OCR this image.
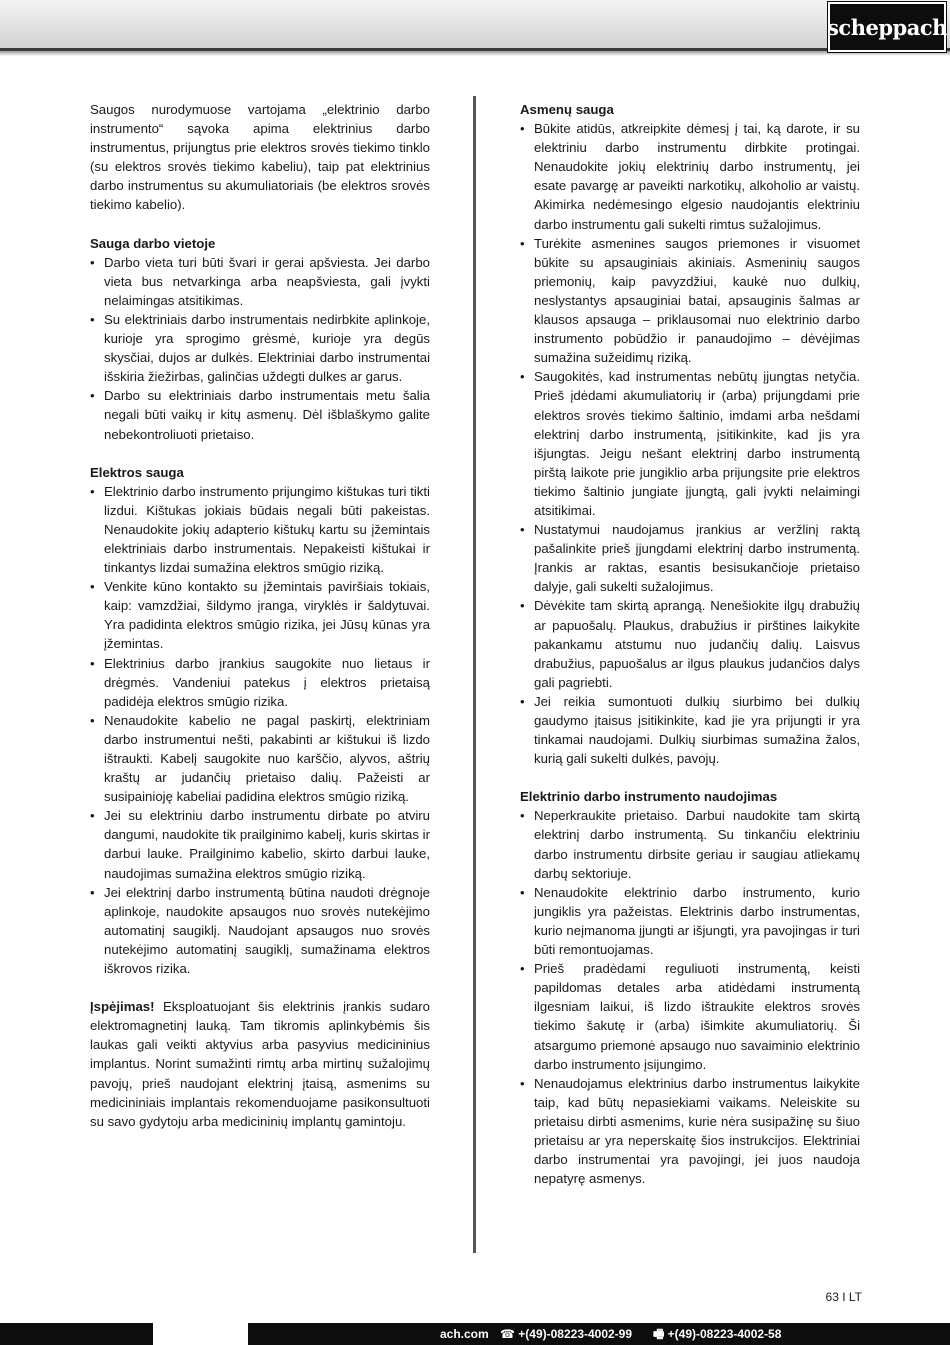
scheppach

Saugos nurodymuose vartojama „elektrinio darbo instrumento“ sąvoka apima elektrinius darbo instrumentus, prijungtus prie elektros srovės tiekimo tinklo (su elektros srovės tiekimo kabeliu), taip pat elektrinius darbo instrumentus su akumuliatoriais (be elektros srovės tiekimo kabelio).

Sauga darbo vietoje

• Darbo vieta turi būti švari ir gerai apšviesta. Jei darbo vieta bus netvarkinga arba neapšviesta, gali įvykti nelaimingas atsitikimas.
• Su elektriniais darbo instrumentais nedirbkite aplinkoje, kurioje yra sprogimo grėsmė, kurioje yra degūs skysčiai, dujos ar dulkės. Elektriniai darbo instrumentai išskiria žiežirbas, galinčias uždegti dulkes ar garus.
• Darbo su elektriniais darbo instrumentais metu šalia negali būti vaikų ir kitų asmenų. Dėl išblaškymo galite nebekontroliuoti prietaiso.

Elektros sauga

• Elektrinio darbo instrumento prijungimo kištukas turi tikti lizdui. Kištukas jokiais būdais negali būti pakeistas. Nenaudokite jokių adapterio kištukų kartu su įžemintais elektriniais darbo instrumentais. Nepakeisti kištukai ir tinkantys lizdai sumažina elektros smūgio riziką.
• Venkite kūno kontakto su įžemintais paviršiais tokiais, kaip: vamzdžiai, šildymo įranga, viryklės ir šaldytuvai. Yra padidinta elektros smūgio rizika, jei Jūsų kūnas yra įžemintas.
• Elektrinius darbo įrankius saugokite nuo lietaus ir drėgmės. Vandeniui patekus į elektros prietaisą padidėja elektros smūgio rizika.
• Nenaudokite kabelio ne pagal paskirtį, elektriniam darbo instrumentui nešti, pakabinti ar kištukui iš lizdo ištraukti. Kabelį saugokite nuo karščio, alyvos, aštrių kraštų ar judančių prietaiso dalių. Pažeisti ar susipainioję kabeliai padidina elektros smūgio riziką.
• Jei su elektriniu darbo instrumentu dirbate po atviru dangumi, naudokite tik prailginimo kabelį, kuris skirtas ir darbui lauke. Prailginimo kabelio, skirto darbui lauke, naudojimas sumažina elektros smūgio riziką.
• Jei elektrinį darbo instrumentą būtina naudoti drėgnoje aplinkoje, naudokite apsaugos nuo srovės nutekėjimo automatinį saugiklį. Naudojant apsaugos nuo srovės nutekėjimo automatinį saugiklį, sumažinama elektros iškrovos rizika.

Įspėjimas! Eksploatuojant šis elektrinis įrankis sudaro elektromagnetinį lauką. Tam tikromis aplinkybėmis šis laukas gali veikti aktyvius arba pasyvius medicininius implantus. Norint sumažinti rimtų arba mirtinų sužalojimų pavojų, prieš naudojant elektrinį įtaisą, asmenims su medicininiais implantais rekomenduojame pasikonsultuoti su savo gydytoju arba medicininių implantų gamintoju.

Asmenų sauga

• Būkite atidūs, atkreipkite dėmesį į tai, ką darote, ir su elektriniu darbo instrumentu dirbkite protingai. Nenaudokite jokių elektrinių darbo instrumentų, jei esate pavargę ar paveikti narkotikų, alkoholio ar vaistų. Akimirka nedėmesingo elgesio naudojantis elektriniu darbo instrumentu gali sukelti rimtus sužalojimus.
• Turėkite asmenines saugos priemones ir visuomet būkite su apsauginiais akiniais. Asmeninių saugos priemonių, kaip pavyzdžiui, kaukė nuo dulkių, neslystantys apsauginiai batai, apsauginis šalmas ar klausos apsauga – priklausomai nuo elektrinio darbo instrumento pobūdžio ir panaudojimo – dėvėjimas sumažina sužeidimų riziką.
• Saugokitės, kad instrumentas nebūtų įjungtas netyčia. Prieš įdėdami akumuliatorių ir (arba) prijungdami prie elektros srovės tiekimo šaltinio, imdami arba nešdami elektrinį darbo instrumentą, įsitikinkite, kad jis yra išjungtas. Jeigu nešant elektrinį darbo instrumentą pirštą laikote prie jungiklio arba prijungsite prie elektros tiekimo šaltinio jungiate įjungtą, gali įvykti nelaimingi atsitikimai.
• Nustatymui naudojamus įrankius ar veržlinį raktą pašalinkite prieš įjungdami elektrinį darbo instrumentą. Įrankis ar raktas, esantis besisukančioje prietaiso dalyje, gali sukelti sužalojimus.
• Dėvėkite tam skirtą aprangą. Nenešiokite ilgų drabužių ar papuošalų. Plaukus, drabužius ir pirštines laikykite pakankamu atstumu nuo judančių dalių. Laisvus drabužius, papuošalus ar ilgus plaukus judančios dalys gali pagriebti.
• Jei reikia sumontuoti dulkių siurbimo bei dulkių gaudymo įtaisus įsitikinkite, kad jie yra prijungti ir yra tinkamai naudojami. Dulkių siurbimas sumažina žalos, kurią gali sukelti dulkės, pavojų.

Elektrinio darbo instrumento naudojimas

• Neperkraukite prietaiso. Darbui naudokite tam skirtą elektrinį darbo instrumentą. Su tinkančiu elektriniu darbo instrumentu dirbsite geriau ir saugiau atliekamų darbų sektoriuje.
• Nenaudokite elektrinio darbo instrumento, kurio jungiklis yra pažeistas. Elektrinis darbo instrumentas, kurio neįmanoma įjungti ar išjungti, yra pavojingas ir turi būti remontuojamas.
• Prieš pradėdami reguliuoti instrumentą, keisti papildomas detales arba atidėdami instrumentą ilgesniam laikui, iš lizdo ištraukite elektros srovės tiekimo šakutę ir (arba) išimkite akumuliatorių. Ši atsargumo priemonė apsaugo nuo savaiminio elektrinio darbo instrumento įsijungimo.
• Nenaudojamus elektrinius darbo instrumentus laikykite taip, kad būtų nepasiekiami vaikams. Neleiskite su prietaisu dirbti asmenims, kurie nėra susipažinę su šiuo prietaisu ar yra neperskaitę šios instrukcijos. Elektriniai darbo instrumentai yra pavojingi, jei juos naudoja nepatyrę asmenys.
63 I LT
ach.com ☎ +(49)-08223-4002-99 🖷 +(49)-08223-4002-58
